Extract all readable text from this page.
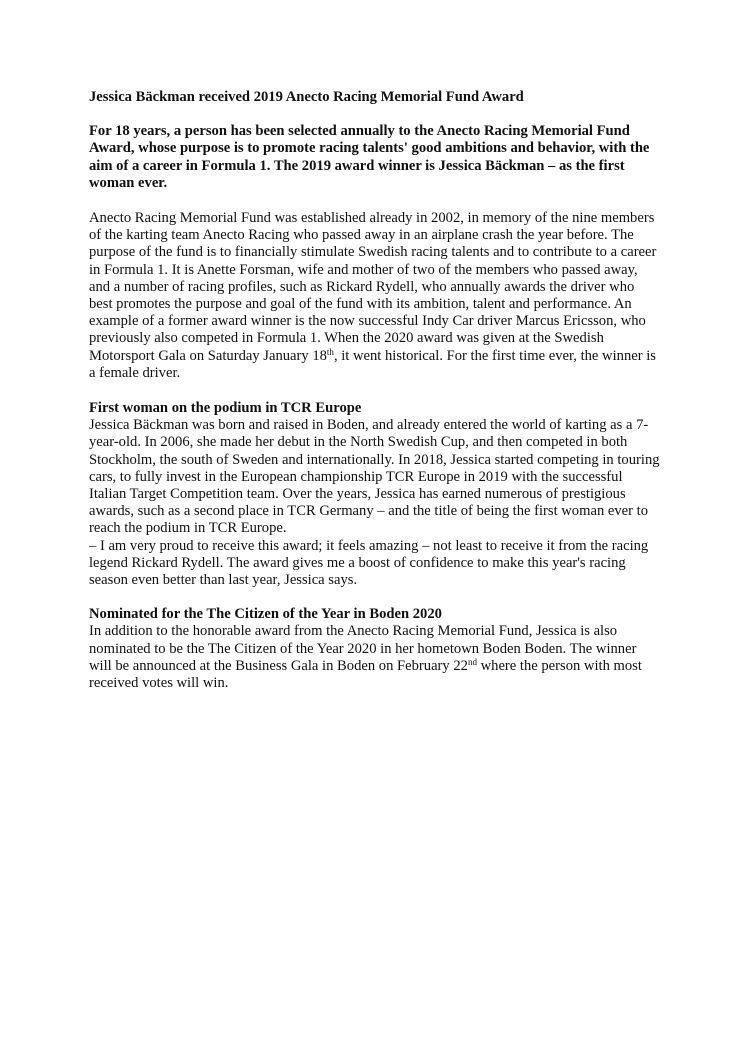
Jessica Bäckman received 2019 Anecto Racing Memorial Fund Award

For 18 years, a person has been selected annually to the Anecto Racing Memorial Fund Award, whose purpose is to promote racing talents' good ambitions and behavior, with the aim of a career in Formula 1. The 2019 award winner is Jessica Bäckman – as the first woman ever.

Anecto Racing Memorial Fund was established already in 2002, in memory of the nine members of the karting team Anecto Racing who passed away in an airplane crash the year before. The purpose of the fund is to financially stimulate Swedish racing talents and to contribute to a career in Formula 1. It is Anette Forsman, wife and mother of two of the members who passed away, and a number of racing profiles, such as Rickard Rydell, who annually awards the driver who best promotes the purpose and goal of the fund with its ambition, talent and performance. An example of a former award winner is the now successful Indy Car driver Marcus Ericsson, who previously also competed in Formula 1. When the 2020 award was given at the Swedish Motorsport Gala on Saturday January 18th, it went historical. For the first time ever, the winner is a female driver.

First woman on the podium in TCR Europe

Jessica Bäckman was born and raised in Boden, and already entered the world of karting as a 7-year-old. In 2006, she made her debut in the North Swedish Cup, and then competed in both Stockholm, the south of Sweden and internationally. In 2018, Jessica started competing in touring cars, to fully invest in the European championship TCR Europe in 2019 with the successful Italian Target Competition team. Over the years, Jessica has earned numerous of prestigious awards, such as a second place in TCR Germany – and the title of being the first woman ever to reach the podium in TCR Europe.

– I am very proud to receive this award; it feels amazing – not least to receive it from the racing legend Rickard Rydell. The award gives me a boost of confidence to make this year's racing season even better than last year, Jessica says.

Nominated for the The Citizen of the Year in Boden 2020

In addition to the honorable award from the Anecto Racing Memorial Fund, Jessica is also nominated to be the The Citizen of the Year 2020 in her hometown Boden Boden. The winner will be announced at the Business Gala in Boden on February 22nd where the person with most received votes will win.
